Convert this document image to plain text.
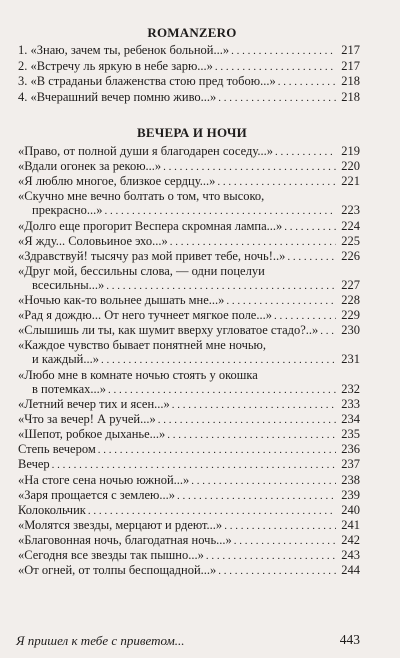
ROMANZERO
1. «Знаю, зачем ты, ребенок больной...» . . .	217
2. «Встречу ль яркую в небе зарю...» . . .	217
3. «В страданьи блаженства стою пред тобою...» . . .	218
4. «Вчерашний вечер помню живо...» . . .	218
ВЕЧЕРА И НОЧИ
«Право, от полной души я благодарен соседу...» . . .	219
«Вдали огонек за рекою...» . . .	220
«Я люблю многое, близкое сердцу...» . . .	221
«Скучно мне вечно болтать о том, что высоко,
прекрасно...» . . .	223
«Долго еще прогорит Веспера скромная лампа...» . . .	224
«Я жду... Соловьиное эхо...» . . .	225
«Здравствуй! тысячу раз мой привет тебе, ночь!..» . . .	226
«Друг мой, бессильны слова, — одни поцелуи
всесильны...» . . .	227
«Ночью как-то вольнее дышать мне...» . . .	228
«Рад я дождю... От него тучнеет мягкое поле...» . . .	229
«Слышишь ли ты, как шумит вверху угловатое стадо?..» . . . 230
«Каждое чувство бывает понятней мне ночью,
и каждый...» . . .	231
«Любо мне в комнате ночью стоять у окошка
в потемках...» . . .	232
«Летний вечер тих и ясен...» . . .	233
«Что за вечер! А ручей...» . . .	234
«Шепот, робкое дыханье...» . . .	235
Степь вечером . . .	236
Вечер . . .	237
«На стоге сена ночью южной...» . . .	238
«Заря прощается с землею...» . . .	239
Колокольчик . . .	240
«Молятся звезды, мерцают и рдеют...» . . .	241
«Благовонная ночь, благодатная ночь...» . . .	242
«Сегодня все звезды так пышно...» . . .	243
«От огней, от толпы беспощадной...» . . .	244

Я пришел к тебе с приветом...	443
